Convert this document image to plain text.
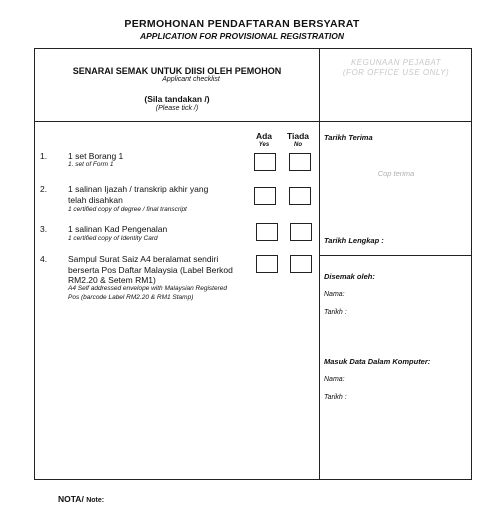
PERMOHONAN PENDAFTARAN BERSYARAT
APPLICATION FOR PROVISIONAL REGISTRATION
SENARAI SEMAK UNTUK DIISI OLEH PEMOHON
Applicant checklist
(Sila tandakan /)
(Please tick /)
KEGUNAAN PEJABAT
(FOR OFFICE USE ONLY)
Ada
Yes
Tiada
No
1. 1 set Borang 1
1. set of Form 1
2. 1 salinan Ijazah / transkrip akhir yang
telah disahkan
1 certified copy of degree / final transcript
3. 1 salinan Kad Pengenalan
1 certified copy of Identity Card
4. Sampul Surat Saiz A4 beralamat sendiri
berserta Pos Daftar Malaysia (Label Berkod
RM2.20 & Setem RM1)
A4 Self addressed envelope with Malaysian Registered
Pos (barcode Label RM2.20 & RM1 Stamp)
Tarikh Terima
Cop terima
Tarikh Lengkap :
Disemak oleh:
Nama:
Tarikh :
Masuk Data Dalam Komputer:
Nama:
Tarikh :
NOTA/ Note:
